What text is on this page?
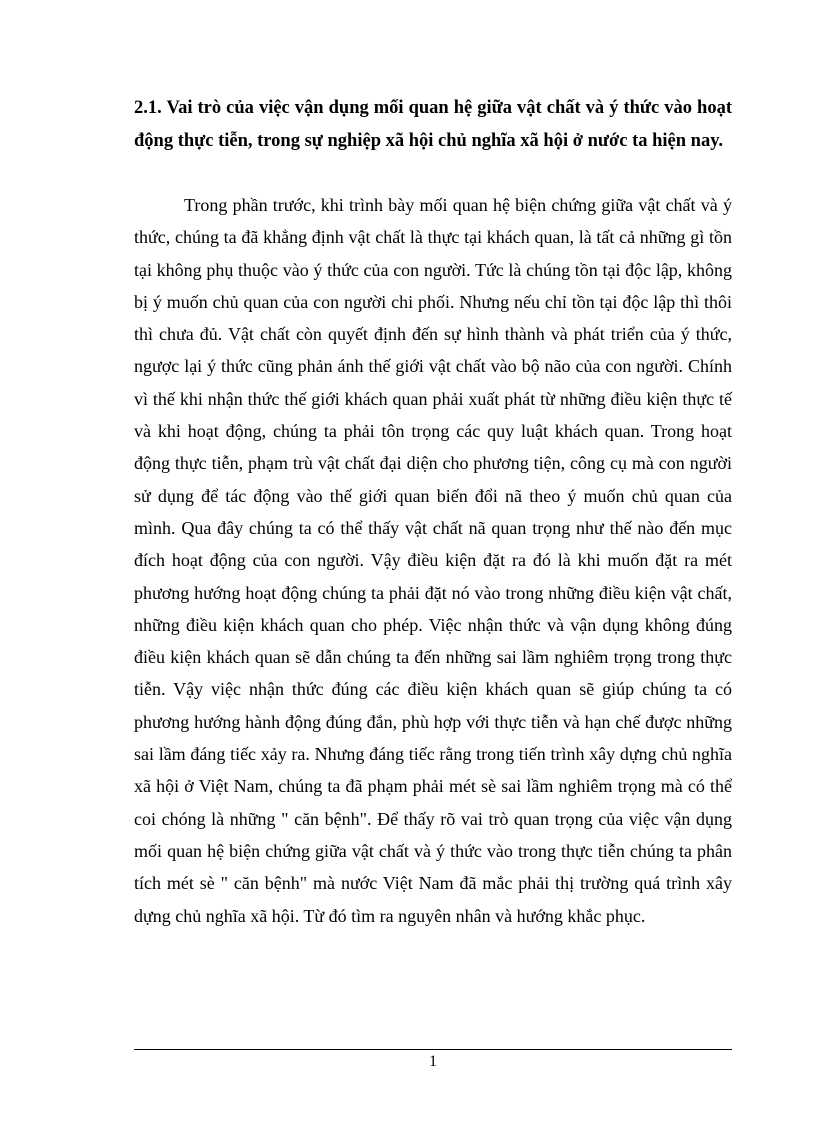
2.1. Vai trò của việc vận dụng mối quan hệ giữa vật chất và ý thức vào hoạt động thực tiễn, trong sự nghiệp xã hội chủ nghĩa xã hội ở nước ta hiện nay.

Trong phần trước, khi trình bày mối quan hệ biện chứng giữa vật chất và ý thức, chúng ta đã khẳng định vật chất là thực tại khách quan, là tất cả những gì tồn tại không phụ thuộc vào ý thức của con người. Tức là chúng tồn tại độc lập, không bị ý muốn chủ quan của con người chi phối. Nhưng nếu chỉ tồn tại độc lập thì thôi thì chưa đủ. Vật chất còn quyết định đến sự hình thành và phát triển của ý thức, ngược lại ý thức cũng phản ánh thế giới vật chất vào bộ não của con người. Chính vì thế khi nhận thức thế giới khách quan phải xuất phát từ những điều kiện thực tế và khi hoạt động, chúng ta phải tôn trọng các quy luật khách quan. Trong hoạt động thực tiễn, phạm trù vật chất đại diện cho phương tiện, công cụ mà con người sử dụng để tác động vào thế giới quan biến đổi nã theo ý muốn chủ quan của mình. Qua đây chúng ta có thể thấy vật chất nã quan trọng như thế nào đến mục đích hoạt động của con người. Vậy điều kiện đặt ra đó là khi muốn đặt ra mét phương hướng hoạt động chúng ta phải đặt nó vào trong những điều kiện vật chất, những điều kiện khách quan cho phép. Việc nhận thức và vận dụng không đúng điều kiện khách quan sẽ dẫn chúng ta đến những sai lầm nghiêm trọng trong thực tiễn. Vậy việc nhận thức đúng các điều kiện khách quan sẽ giúp chúng ta có phương hướng hành động đúng đắn, phù hợp với thực tiễn và hạn chế được những sai lầm đáng tiếc xảy ra. Nhưng đáng tiếc rằng trong tiến trình xây dựng chủ nghĩa xã hội ở Việt Nam, chúng ta đã phạm phải mét sè sai lầm nghiêm trọng mà có thể coi chóng là những " căn bệnh". Để thấy rõ vai trò quan trọng của việc vận dụng mối quan hệ biện chứng giữa vật chất và ý thức vào trong thực tiễn chúng ta phân tích mét sè " căn bệnh" mà nước Việt Nam đã mắc phải thị trường quá trình xây dựng chủ nghĩa xã hội. Từ đó tìm ra nguyên nhân và hướng khắc phục.

1
